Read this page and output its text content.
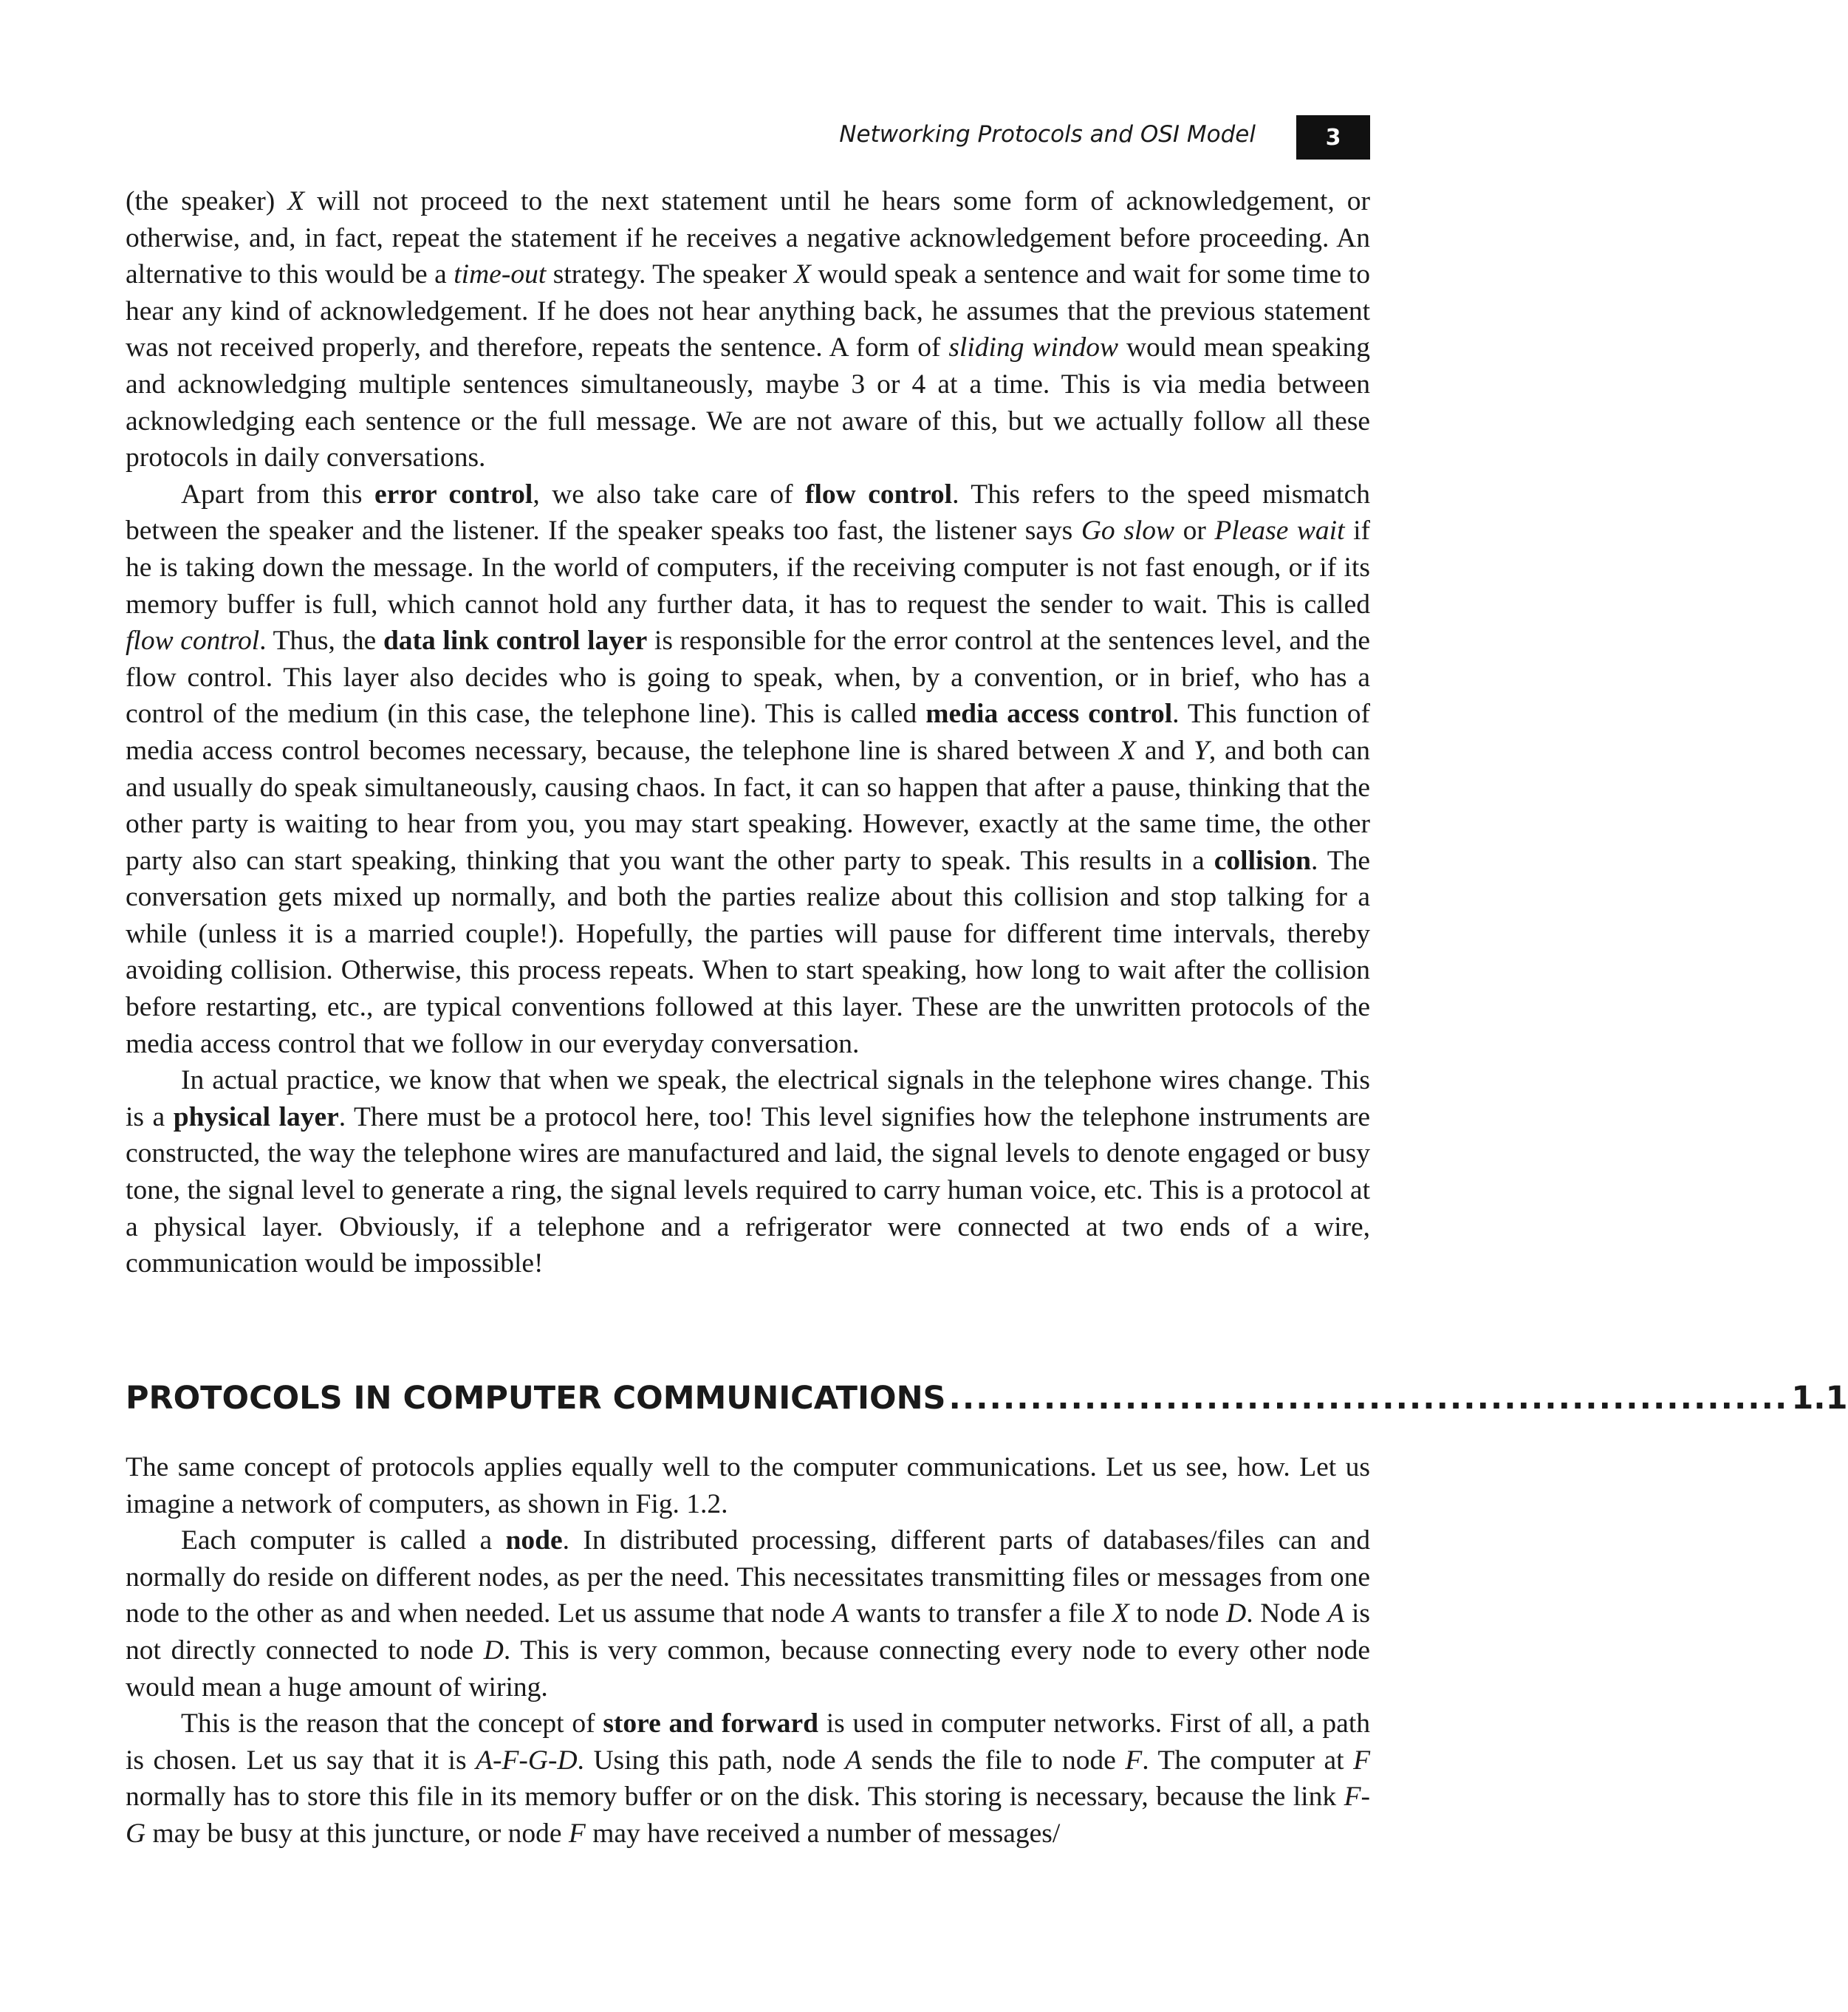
Networking Protocols and OSI Model	3

(the speaker) X will not proceed to the next statement until he hears some form of acknowledgement, or otherwise, and, in fact, repeat the statement if he receives a negative acknowledgement before proceeding. An alternative to this would be a time-out strategy. The speaker X would speak a sentence and wait for some time to hear any kind of acknowledgement. If he does not hear anything back, he assumes that the previous statement was not received properly, and therefore, repeats the sentence. A form of sliding window would mean speaking and acknowledging multiple sentences simultaneously, maybe 3 or 4 at a time. This is via media between acknowledging each sentence or the full message. We are not aware of this, but we actually follow all these protocols in daily conversations.

Apart from this error control, we also take care of flow control. This refers to the speed mismatch between the speaker and the listener. If the speaker speaks too fast, the listener says Go slow or Please wait if he is taking down the message. In the world of computers, if the receiving computer is not fast enough, or if its memory buffer is full, which cannot hold any further data, it has to request the sender to wait. This is called flow control. Thus, the data link control layer is responsible for the error control at the sentences level, and the flow control. This layer also decides who is going to speak, when, by a convention, or in brief, who has a control of the medium (in this case, the telephone line). This is called media access control. This function of media access control becomes necessary, because, the telephone line is shared between X and Y, and both can and usually do speak simultaneously, causing chaos. In fact, it can so happen that after a pause, thinking that the other party is waiting to hear from you, you may start speaking. However, exactly at the same time, the other party also can start speaking, thinking that you want the other party to speak. This results in a collision. The conversation gets mixed up normally, and both the parties realize about this collision and stop talking for a while (unless it is a married couple!). Hopefully, the parties will pause for different time intervals, thereby avoiding collision. Otherwise, this process repeats. When to start speaking, how long to wait after the collision before restarting, etc., are typical conventions followed at this layer. These are the unwritten protocols of the media access control that we follow in our everyday conversation.

In actual practice, we know that when we speak, the electrical signals in the telephone wires change. This is a physical layer. There must be a protocol here, too! This level signifies how the telephone instruments are constructed, the way the telephone wires are manufactured and laid, the signal levels to denote engaged or busy tone, the signal level to generate a ring, the signal levels required to carry human voice, etc. This is a protocol at a physical layer. Obviously, if a telephone and a refrigerator were connected at two ends of a wire, communication would be impossible!

PROTOCOLS IN COMPUTER COMMUNICATIONS .............................................................. 1.1

The same concept of protocols applies equally well to the computer communications. Let us see, how. Let us imagine a network of computers, as shown in Fig. 1.2.

Each computer is called a node. In distributed processing, different parts of databases/files can and normally do reside on different nodes, as per the need. This necessitates transmitting files or messages from one node to the other as and when needed. Let us assume that node A wants to transfer a file X to node D. Node A is not directly connected to node D. This is very common, because connecting every node to every other node would mean a huge amount of wiring.

This is the reason that the concept of store and forward is used in computer networks. First of all, a path is chosen. Let us say that it is A-F-G-D. Using this path, node A sends the file to node F. The computer at F normally has to store this file in its memory buffer or on the disk. This storing is necessary, because the link F-G may be busy at this juncture, or node F may have received a number of messages/
